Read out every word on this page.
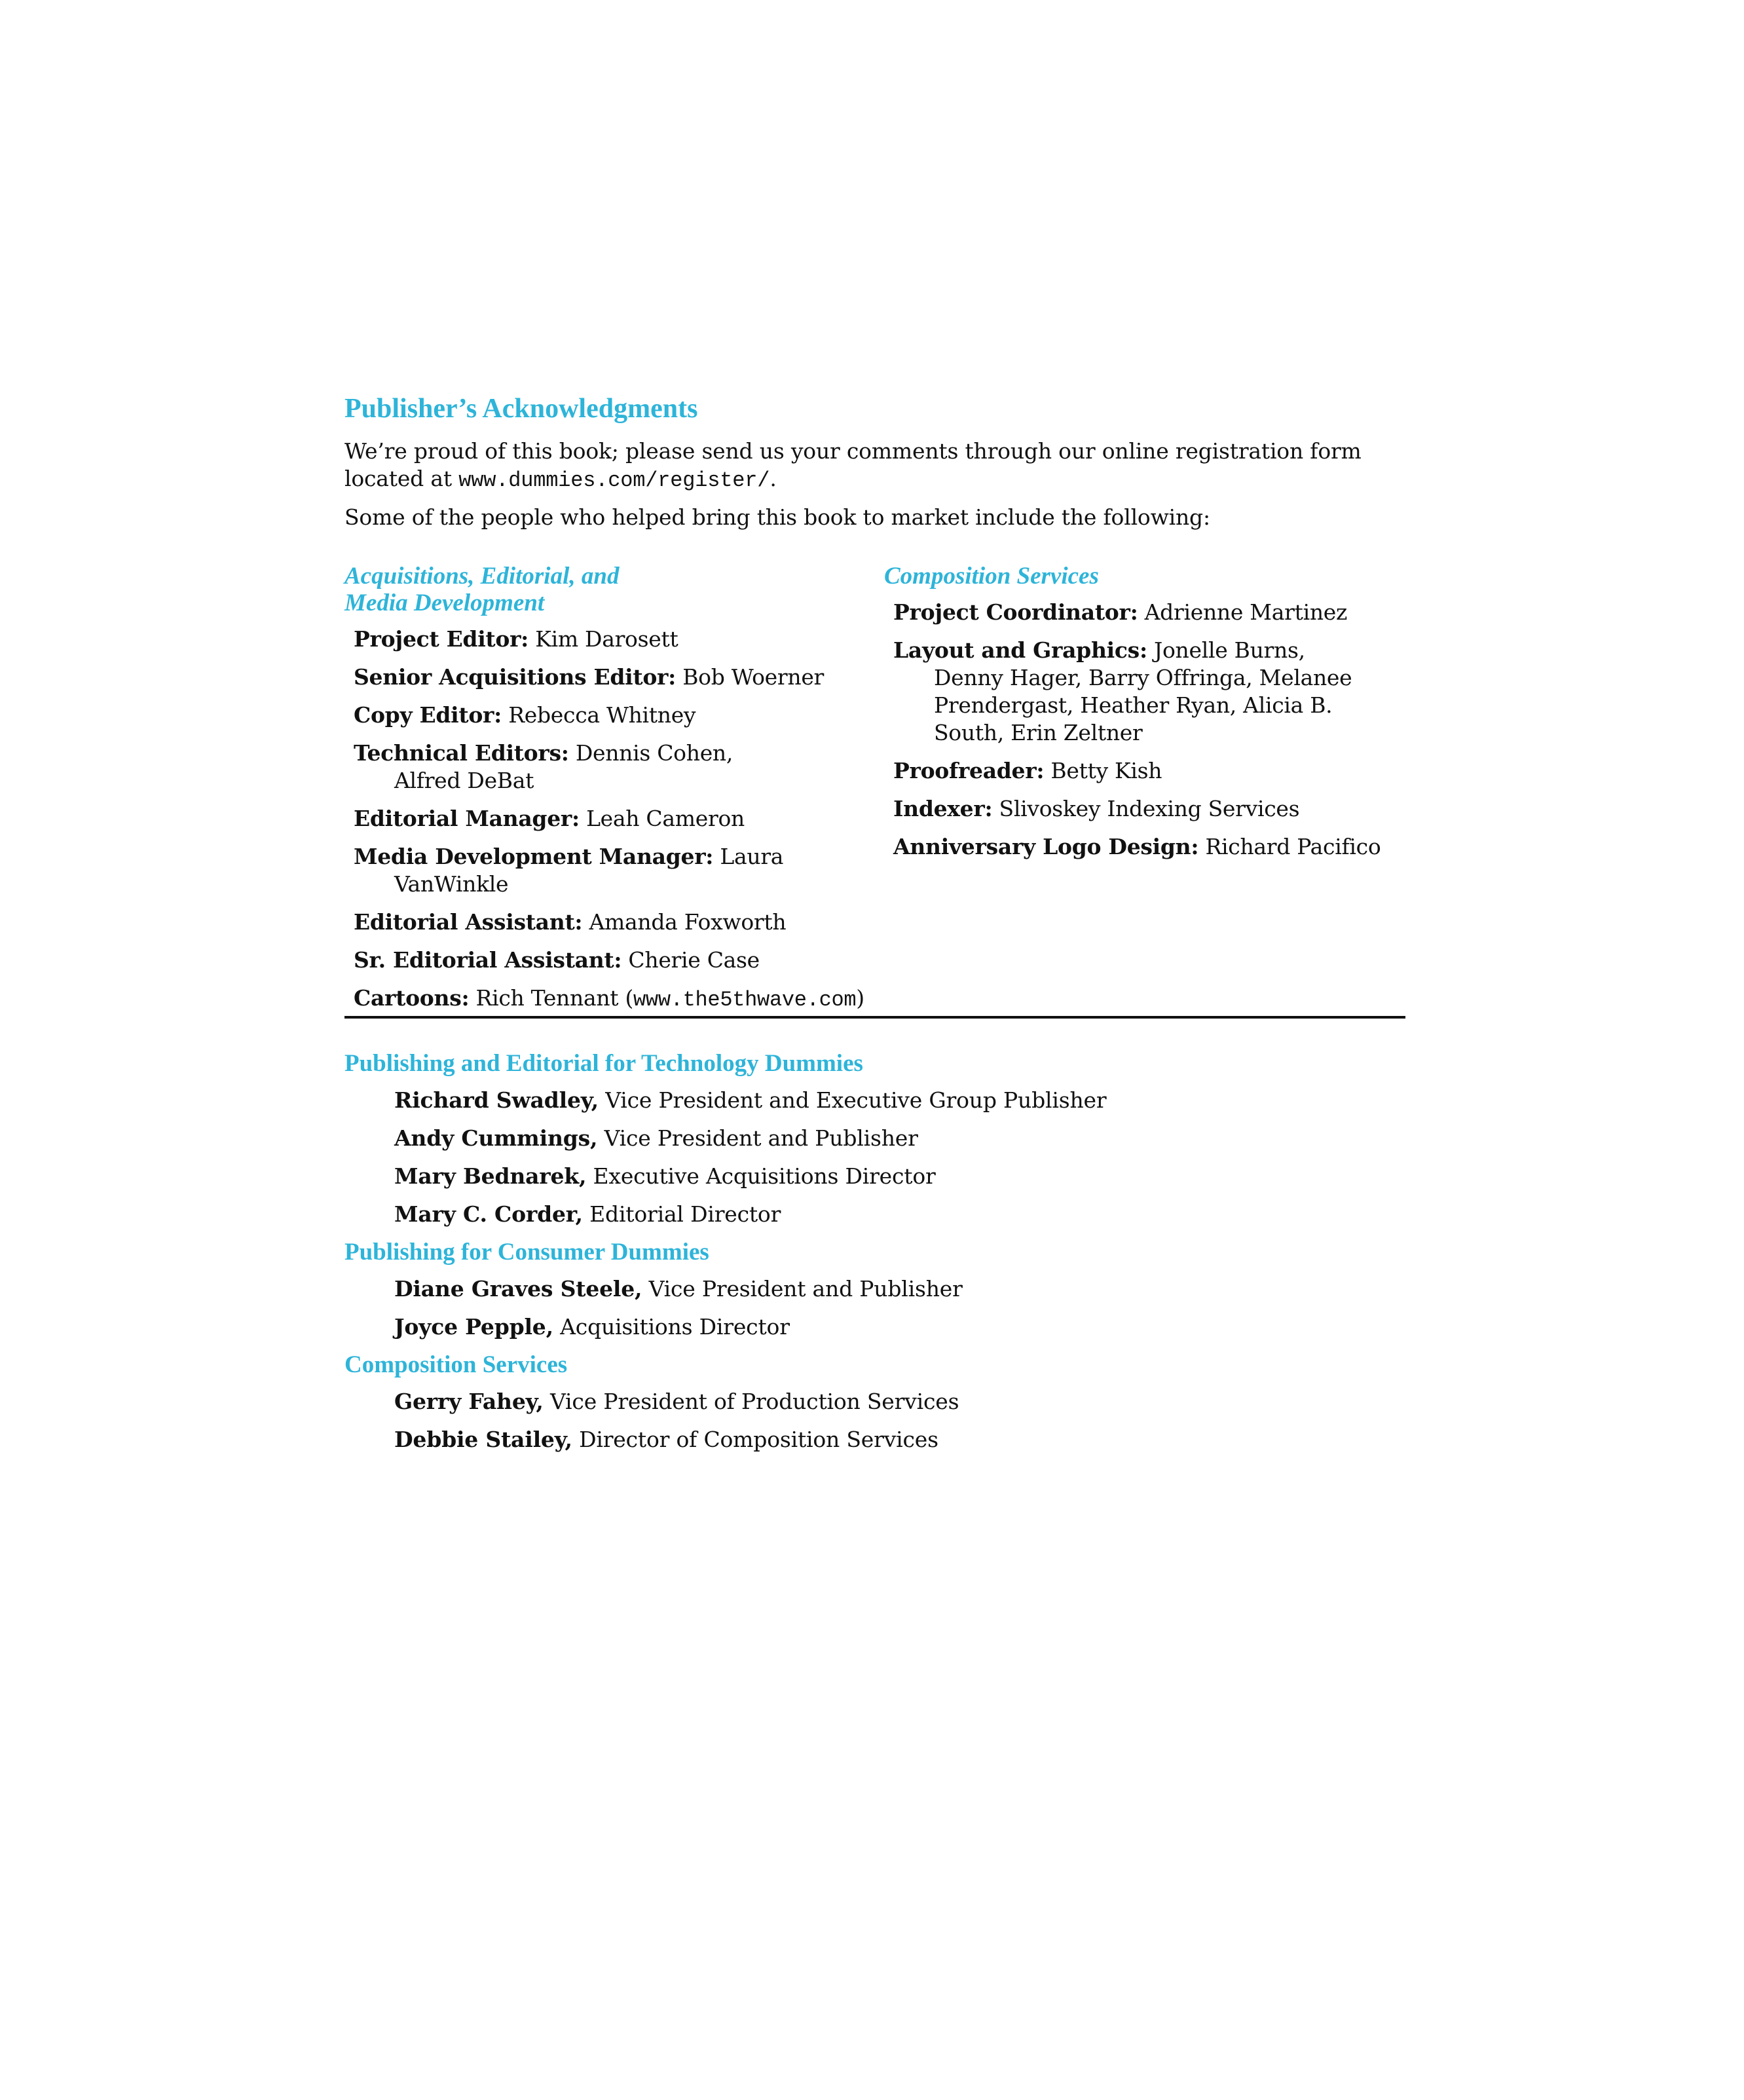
Publisher’s Acknowledgments
We’re proud of this book; please send us your comments through our online registration form
located at www.dummies.com/register/.
Some of the people who helped bring this book to market include the following:
Acquisitions, Editorial, and
Media Development
Project Editor: Kim Darosett
Senior Acquisitions Editor: Bob Woerner
Copy Editor: Rebecca Whitney
Technical Editors: Dennis Cohen, Alfred DeBat
Editorial Manager: Leah Cameron
Media Development Manager: Laura VanWinkle
Editorial Assistant: Amanda Foxworth
Sr. Editorial Assistant: Cherie Case
Cartoons: Rich Tennant (www.the5thwave.com)
Composition Services
Project Coordinator: Adrienne Martinez
Layout and Graphics: Jonelle Burns, Denny Hager, Barry Offringa, Melanee Prendergast, Heather Ryan, Alicia B. South, Erin Zeltner
Proofreader: Betty Kish
Indexer: Slivoskey Indexing Services
Anniversary Logo Design: Richard Pacifico
Publishing and Editorial for Technology Dummies
Richard Swadley, Vice President and Executive Group Publisher
Andy Cummings, Vice President and Publisher
Mary Bednarek, Executive Acquisitions Director
Mary C. Corder, Editorial Director
Publishing for Consumer Dummies
Diane Graves Steele, Vice President and Publisher
Joyce Pepple, Acquisitions Director
Composition Services
Gerry Fahey, Vice President of Production Services
Debbie Stailey, Director of Composition Services
